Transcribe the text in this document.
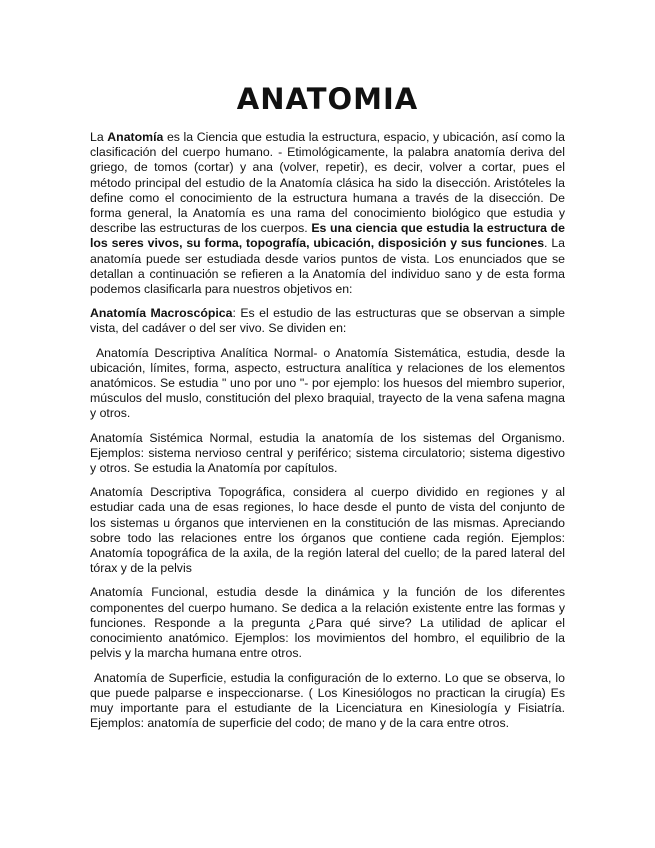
ANATOMIA

La Anatomía es la Ciencia que estudia la estructura, espacio, y ubicación, así como la clasificación del cuerpo humano. - Etimológicamente, la palabra anatomía deriva del griego, de tomos (cortar) y ana (volver, repetir), es decir, volver a cortar, pues el método principal del estudio de la Anatomía clásica ha sido la disección. Aristóteles la define como el conocimiento de la estructura humana a través de la disección. De forma general, la Anatomía es una rama del conocimiento biológico que estudia y describe las estructuras de los cuerpos. Es una ciencia que estudia la estructura de los seres vivos, su forma, topografía, ubicación, disposición y sus funciones. La anatomía puede ser estudiada desde varios puntos de vista. Los enunciados que se detallan a continuación se refieren a la Anatomía del individuo sano y de esta forma podemos clasificarla para nuestros objetivos en:

Anatomía Macroscópica: Es el estudio de las estructuras que se observan a simple vista, del cadáver o del ser vivo. Se dividen en:

Anatomía Descriptiva Analítica Normal- o Anatomía Sistemática, estudia, desde la ubicación, límites, forma, aspecto, estructura analítica y relaciones de los elementos anatómicos. Se estudia " uno por uno "- por ejemplo: los huesos del miembro superior, músculos del muslo, constitución del plexo braquial, trayecto de la vena safena magna y otros.

Anatomía Sistémica Normal, estudia la anatomía de los sistemas del Organismo. Ejemplos: sistema nervioso central y periférico; sistema circulatorio; sistema digestivo y otros. Se estudia la Anatomía por capítulos.

Anatomía Descriptiva Topográfica, considera al cuerpo dividido en regiones y al estudiar cada una de esas regiones, lo hace desde el punto de vista del conjunto de los sistemas u órganos que intervienen en la constitución de las mismas. Apreciando sobre todo las relaciones entre los órganos que contiene cada región. Ejemplos: Anatomía topográfica de la axila, de la región lateral del cuello; de la pared lateral del tórax y de la pelvis

Anatomía Funcional, estudia desde la dinámica y la función de los diferentes componentes del cuerpo humano. Se dedica a la relación existente entre las formas y funciones. Responde a la pregunta ¿Para qué sirve? La utilidad de aplicar el conocimiento anatómico. Ejemplos: los movimientos del hombro, el equilibrio de la pelvis y la marcha humana entre otros.

Anatomía de Superficie, estudia la configuración de lo externo. Lo que se observa, lo que puede palparse e inspeccionarse. ( Los Kinesiólogos no practican la cirugía) Es muy importante para el estudiante de la Licenciatura en Kinesiología y Fisiatría. Ejemplos: anatomía de superficie del codo; de mano y de la cara entre otros.
